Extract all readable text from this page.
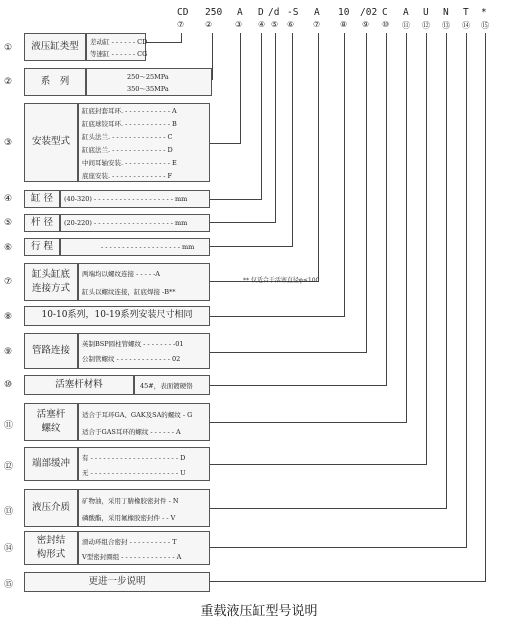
CD 250 A D /d -S A 10 /02 C A U N T *
⑦	②	③ ④ ⑤ ⑥ ⑦ ⑧ ⑨ ⑩ ⑪ ⑫ ⑬ ⑭ ⑮
①	液压缸类型	差动缸 - - - - - - CD
等速缸 - - - - - - CG
②	系　列	250～25MPa
350～35MPa
③	安装型式
缸底封套耳环. - - - - - - - - - - - A
缸底球铰耳环. - - - - - - - - - - - B
缸头法兰. - - - - - - - - - - - - - C
缸底法兰. - - - - - - - - - - - - - D
中间耳轴安装. - - - - - - - - - - - E
底座安装. - - - - - - - - - - - - - F
④	缸 径	(40-320) - - - - - - - - - - - - - - - - - - - mm
⑤	杆 径	(20-220) - - - - - - - - - - - - - - - - - - - mm
⑥	行 程	- - - - - - - - - - - - - - - - - - - mm
⑦
缸头缸底
连接方式
两端均以螺纹连接 - - - - -A
缸头以螺纹连接，缸底焊接 -B**
** 仅适合于活塞直径φ≤100
⑧	10-10系列，10-19系列安装尺寸相同
⑨	管路连接
英制BSP圆柱管螺纹 - - - - - - - -01
公制管螺纹 - - - - - - - - - - - - - 02
⑩	活塞杆材料	45#，表面镀硬铬
⑪
活塞杆
螺纹
适合于耳环GA、GAK及SA的螺纹 - G
适合于GAS耳环的螺纹 - - - - - - A
⑫	端部缓冲	有 - - - - - - - - - - - - - - - - - - - - - D
无 - - - - - - - - - - - - - - - - - - - - - U
⑬	液压介质
矿物油，采用丁腈橡胶密封件 - N
磷酸酯，采用氟橡胶密封件 - - V
⑭
密封结
构形式
滑动环组合密封 - - - - - - - - - - T
V型密封圈组 - - - - - - - - - - - - - A
⑮	更进一步说明
重载液压缸型号说明
